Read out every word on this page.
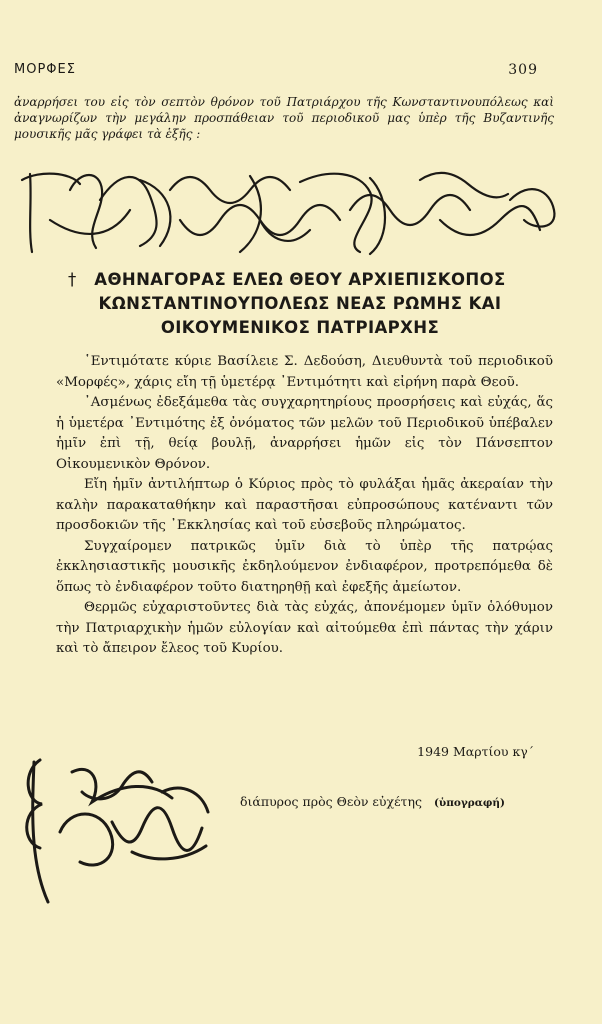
ΜΟΡΦΕΣ	309
ἀναρρήσει του εἰς τὸν σεπτὸν θρόνον τοῦ Πατριάρχου τῆς Κωνσταντινουπόλεως καὶ ἀναγνωρίζων τὴν μεγάλην προσπάθειαν τοῦ περιοδικοῦ μας ὑπὲρ τῆς Βυζαντινῆς μουσικῆς μᾶς γράφει τὰ ἑξῆς :
†	ΑΘΗΝΑΓΟΡΑΣ ΕΛΕΩ ΘΕΟΥ ΑΡΧΙΕΠΙΣΚΟΠΟΣ
ΚΩΝΣΤΑΝΤΙΝΟΥΠΟΛΕΩΣ ΝΕΑΣ ΡΩΜΗΣ ΚΑΙ
ΟΙΚΟΥΜΕΝΙΚΟΣ ΠΑΤΡΙΑΡΧΗΣ

῾Εντιμότατε κύριε Βασίλειε Σ. Δεδούση, Διευθυντὰ τοῦ περιοδικοῦ «Μορφές», χάρις εἴη τῇ ὑμετέρᾳ ᾿Εντιμότητι καὶ εἰρήνη παρὰ Θεοῦ.

᾿Ασμένως ἐδεξάμεθα τὰς συγχαρητηρίους προσρήσεις καὶ εὐχάς, ἅς ἡ ὑμετέρα ᾿Εντιμότης ἐξ ὀνόματος τῶν μελῶν τοῦ Περιοδικοῦ ὑπέβαλεν ἡμῖν ἐπὶ τῇ, θείᾳ βουλῇ, ἀναρρήσει ἡμῶν εἰς τὸν Πάνσεπτον Οἰκουμενικὸν Θρόνον.

Εἴη ἡμῖν ἀντιλήπτωρ ὁ Κύριος πρὸς τὸ φυλάξαι ἡμᾶς ἀκεραίαν τὴν καλὴν παρακαταθήκην καὶ παραστῆσαι εὐπροσώπους κατέναντι τῶν προσδοκιῶν τῆς ᾿Εκκλησίας καὶ τοῦ εὐσεβοῦς πληρώματος.

Συγχαίρομεν πατρικῶς ὑμῖν διὰ τὸ ὑπὲρ τῆς πατρῴας ἐκκλησιαστικῆς μουσικῆς ἐκδηλούμενον ἐνδιαφέρον, προτρεπόμεθα δὲ ὅπως τὸ ἐνδιαφέρον τοῦτο διατηρηθῇ καὶ ἐφεξῆς ἀμείωτον.

Θερμῶς εὐχαριστοῦντες διὰ τὰς εὐχάς, ἀπονέμομεν ὑμῖν ὁλόθυμον τὴν Πατριαρχικὴν ἡμῶν εὐλογίαν καὶ αἰτούμεθα ἐπὶ πάντας τὴν χάριν καὶ τὸ ἄπειρον ἔλεος τοῦ Κυρίου.

1949 Μαρτίου κγ´
διάπυρος πρὸς Θεὸν εὐχέτης (ὑπογραφή)
